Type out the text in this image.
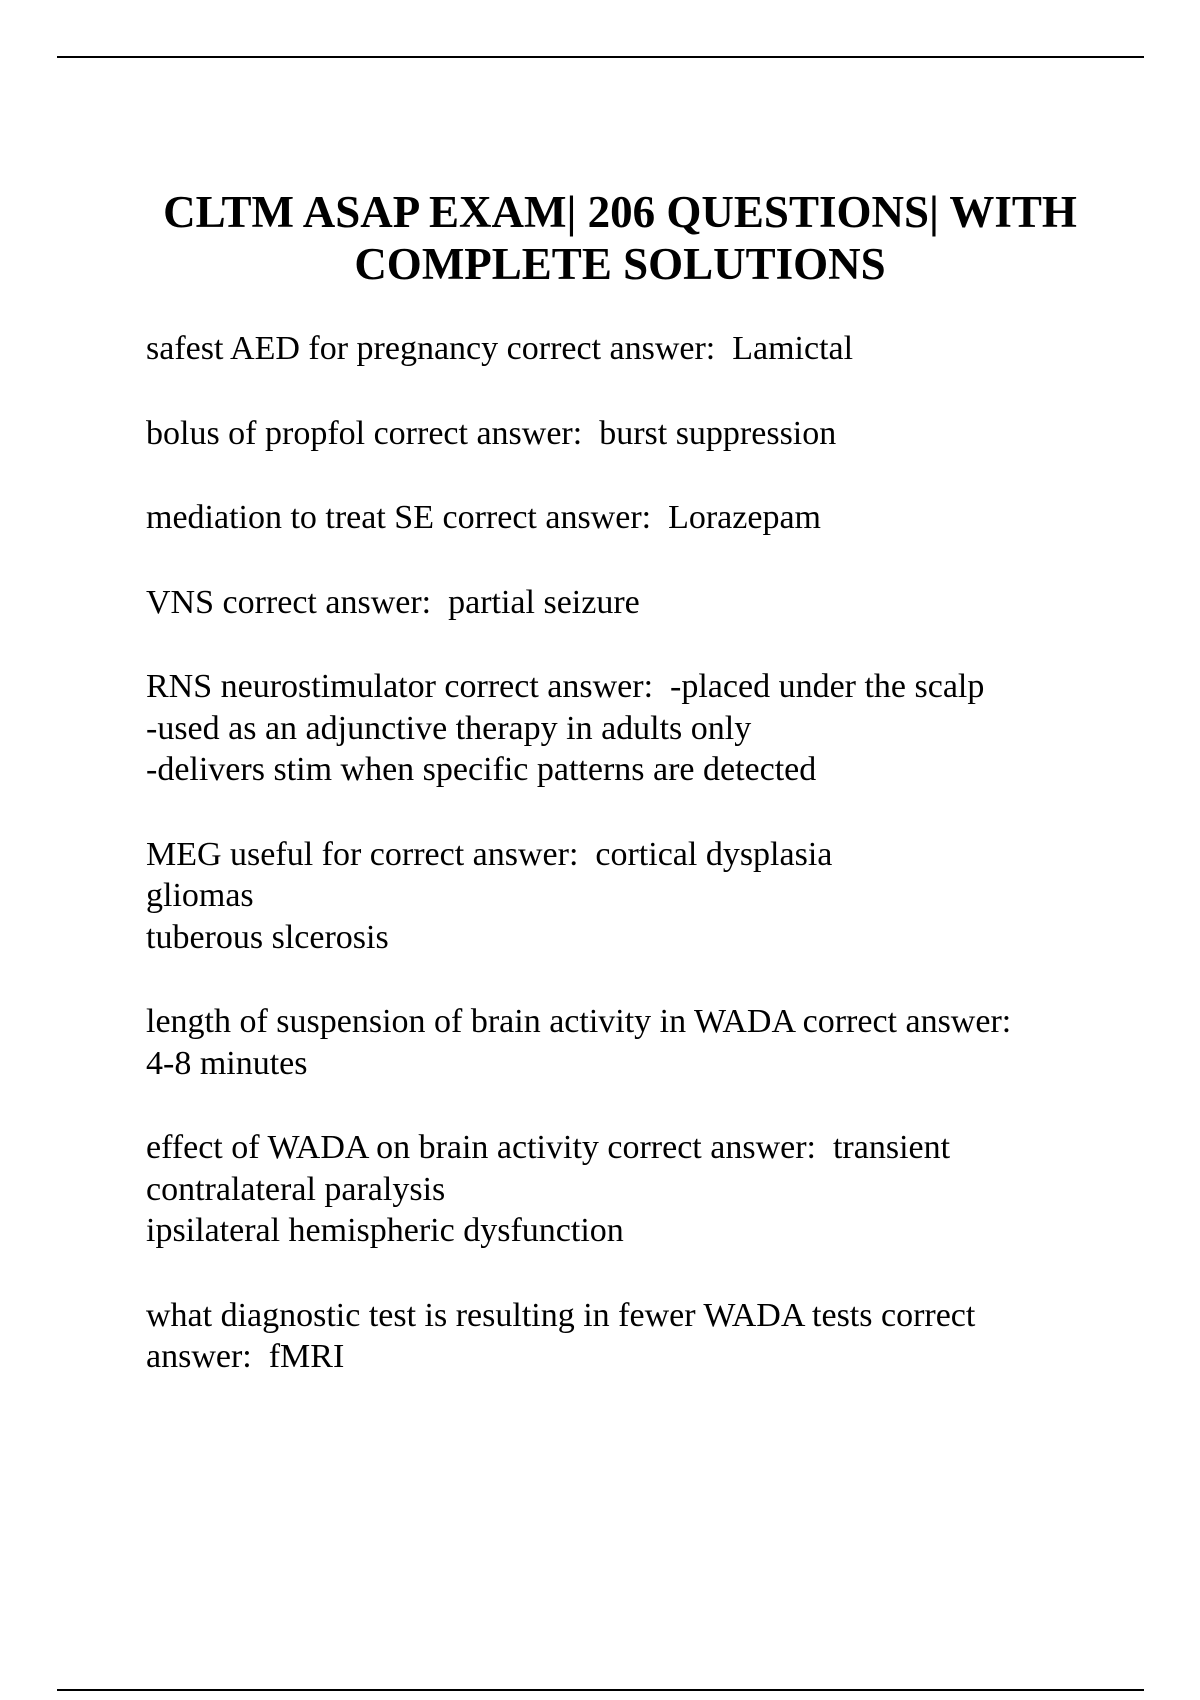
CLTM ASAP EXAM| 206 QUESTIONS| WITH
COMPLETE SOLUTIONS
safest AED for pregnancy correct answer:  Lamictal
bolus of propfol correct answer:  burst suppression
mediation to treat SE correct answer:  Lorazepam
VNS correct answer:  partial seizure
RNS neurostimulator correct answer:  -placed under the scalp
-used as an adjunctive therapy in adults only
-delivers stim when specific patterns are detected
MEG useful for correct answer:  cortical dysplasia
gliomas
tuberous slcerosis
length of suspension of brain activity in WADA correct answer:
4-8 minutes
effect of WADA on brain activity correct answer:  transient
contralateral paralysis
ipsilateral hemispheric dysfunction
what diagnostic test is resulting in fewer WADA tests correct
answer:  fMRI
